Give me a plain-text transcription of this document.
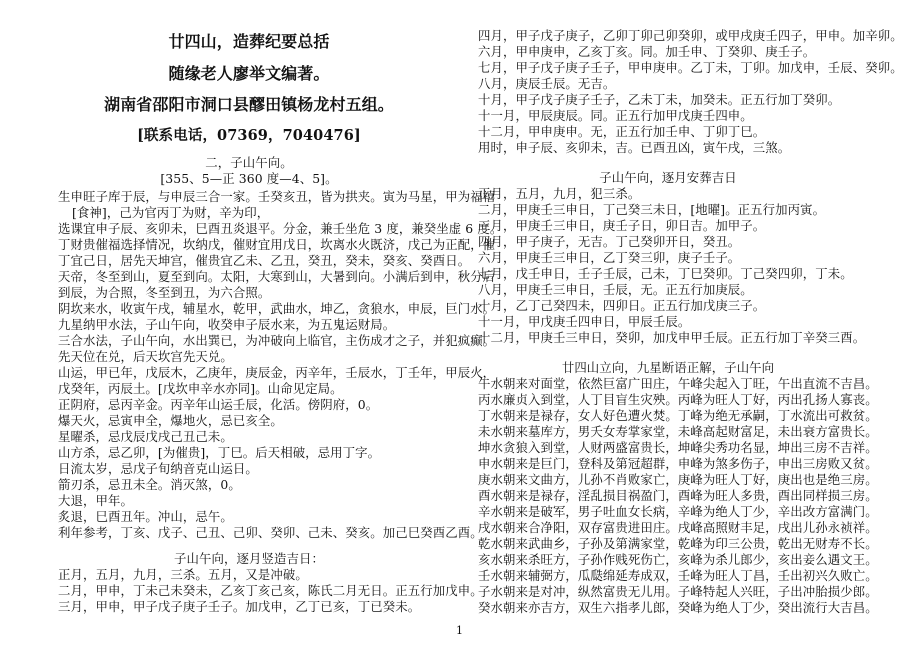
廿四山，造葬纪要总括
随缘老人廖举文编著。
湖南省邵阳市洞口县醪田镇杨龙村五组。
[联系电话，07369，7040476]
二，子山午向。
[355、5—正 360 度—4、5]。
生申旺子库于辰，与申辰三合一家。壬癸亥丑，皆为拱夹。寅为马星，甲为福禧
[食神]，己为官丙丁为财，辛为印，
选课宜申子辰、亥卯未，巳酉丑炎退平。分金，兼壬坐危 3 度，兼癸坐虚 6 度。
丁财贵催福选择情况，坎纳戊，催财宜用戊日，坎离水火既济，戊己为正配，催
丁宜己日，居先天坤宫，催贵宜乙未、乙丑，癸丑，癸未，癸亥、癸酉日。
天帝，冬至到山，夏至到向。太阳，大寒到山，大暑到向。小满后到申，秋分后
到辰，为合照，冬至到丑，为六合照。
阴坎来水，收寅午戌，辅星水，乾甲，武曲水，坤乙，贪狼水，申辰，巨门水。
九星纳甲水法，子山午向，收癸申子辰水来，为五鬼运财局。
三合水法，子山午向，水出巽已，为冲破向上临官，主伤成才之子，并犯疯癫。
先天位在兑，后天坎宫先天兑。
山运，甲已年，戊辰木，乙庚年，庚辰金，丙辛年，壬辰水，丁壬年，甲辰火，
戊癸年，丙辰土。[戊坎申辛水亦同]。山命见定局。
正阴府，忌丙辛金。丙辛年山运壬辰，化活。傍阴府，0。
爆天火，忌寅申全，爆地火，忌已亥全。
星曜杀，忌戊辰戊戌己丑己未。
山方杀，忌乙卯，[为催贵]，丁巳。后天相破，忌用丁字。
日流太岁，忌戊子旬纳音克山运日。
箭刃杀，忌丑未全。消灭煞，0。
大退，甲年。
炙退，巳酉丑年。冲山，忌午。
利年参考，丁亥、戊子、己丑、己卯、癸卯、己未、癸亥。加己巳癸酉乙酉。
子山午向，逐月竖造吉日：
正月，五月，九月，三杀。五月，又是冲破。
二月，甲申，丁未己未癸未，乙亥丁亥己亥，陈氏二月无日。正五行加戊申。
三月，甲申，甲子戊子庚子壬子。加戊申，乙丁已亥，丁已癸未。
四月，甲子戊子庚子，乙卯丁卯己卯癸卯，或甲戌庚壬四子，甲申。加辛卯。
六月，甲申庚申，乙亥丁亥。同。加壬申、丁癸卯、庚壬子。
七月，甲子戊子庚子壬子，甲申庚申。乙丁未，丁卯。加戊申，壬辰、癸卯。
八月，庚辰壬辰。无吉。
十月，甲子戊子庚子壬子，乙未丁未，加癸未。正五行加丁癸卯。
十一月，甲辰庚辰。同。正五行加甲戊庚壬四申。
十二月，甲申庚申。无，正五行加壬申、丁卯丁巳。
用时，申子辰、亥卯未，吉。已酉丑凶，寅午戌，三煞。
子山午向，逐月安葬吉日
正月，五月，九月，犯三杀。
二月，甲庚壬三申日，丁己癸三未日，[地曜]。正五行加丙寅。
三月，甲庚壬三申日，庚壬子日，卯日吉。加甲子。
四月，甲子庚子，无吉。丁己癸卯开日，癸丑。
六月，甲庚壬三申日，乙丁癸三卯，庚子壬子。
七月，戊壬申日，壬子壬辰，己未，丁巳癸卯。丁己癸四卯，丁未。
八月，甲庚壬三申日，壬辰，无。正五行加庚辰。
十月，乙丁己癸四未，四卯日。正五行加戊庚三子。
十一月，甲戊庚壬四申日，甲辰壬辰。
十二月，甲庚壬三申日，癸卯，加戊申甲壬辰。正五行加丁辛癸三酉。
廿四山立向，九星断语正解，子山午向
午水朝来对面堂，依然巨富广田庄，午峰尖起入丁旺，午出直流不吉昌。
丙水廉贞入到堂，人丁目盲生灾殃。丙峰为旺人丁好，丙出孔扬人寡丧。
丁水朝来是禄存，女人好色遭火焚。丁峰为绝无承嗣，丁水流出可救贫。
未水朝来墓库方，男夭女寿掌家堂，未峰高起财富足，未出衰方富贵长。
坤水贪狼入到堂，人财两盛富贵长，坤峰尖秀功名显，坤出三房不吉祥。
申水朝来是巨门，登科及第冠超群，申峰为煞多伤子，申出三房败又贫。
庚水朝来文曲方，儿孙不肖败家亡，庚峰为旺人丁好，庚出也是绝三房。
酉水朝来是禄存，淫乱损目祸盈门，酉峰为旺人多贵，酉出同样损三房。
辛水朝来是破军，男子吐血女长病，辛峰为绝人丁少，辛出改方富满门。
戌水朝来合净阳，双存富贵进田庄。戌峰高照财丰足，戌出儿孙永祯祥。
乾水朝来武曲乡，子孙及第满家堂，乾峰为印三公贵，乾出无财寿不长。
亥水朝来杀旺方，子孙作贱死伤亡，亥峰为杀儿郎少，亥出妾么遇文王。
壬水朝来辅弼方，瓜瓞绵延寿成双，壬峰为旺人丁昌，壬出初兴久败亡。
子水朝来是对冲，纵然富贵无儿用。子峰特起人兴旺，子出冲胎损少郎。
癸水朝来亦吉方，双生六指孝儿郎，癸峰为绝人丁少，癸出流行大吉昌。
1
